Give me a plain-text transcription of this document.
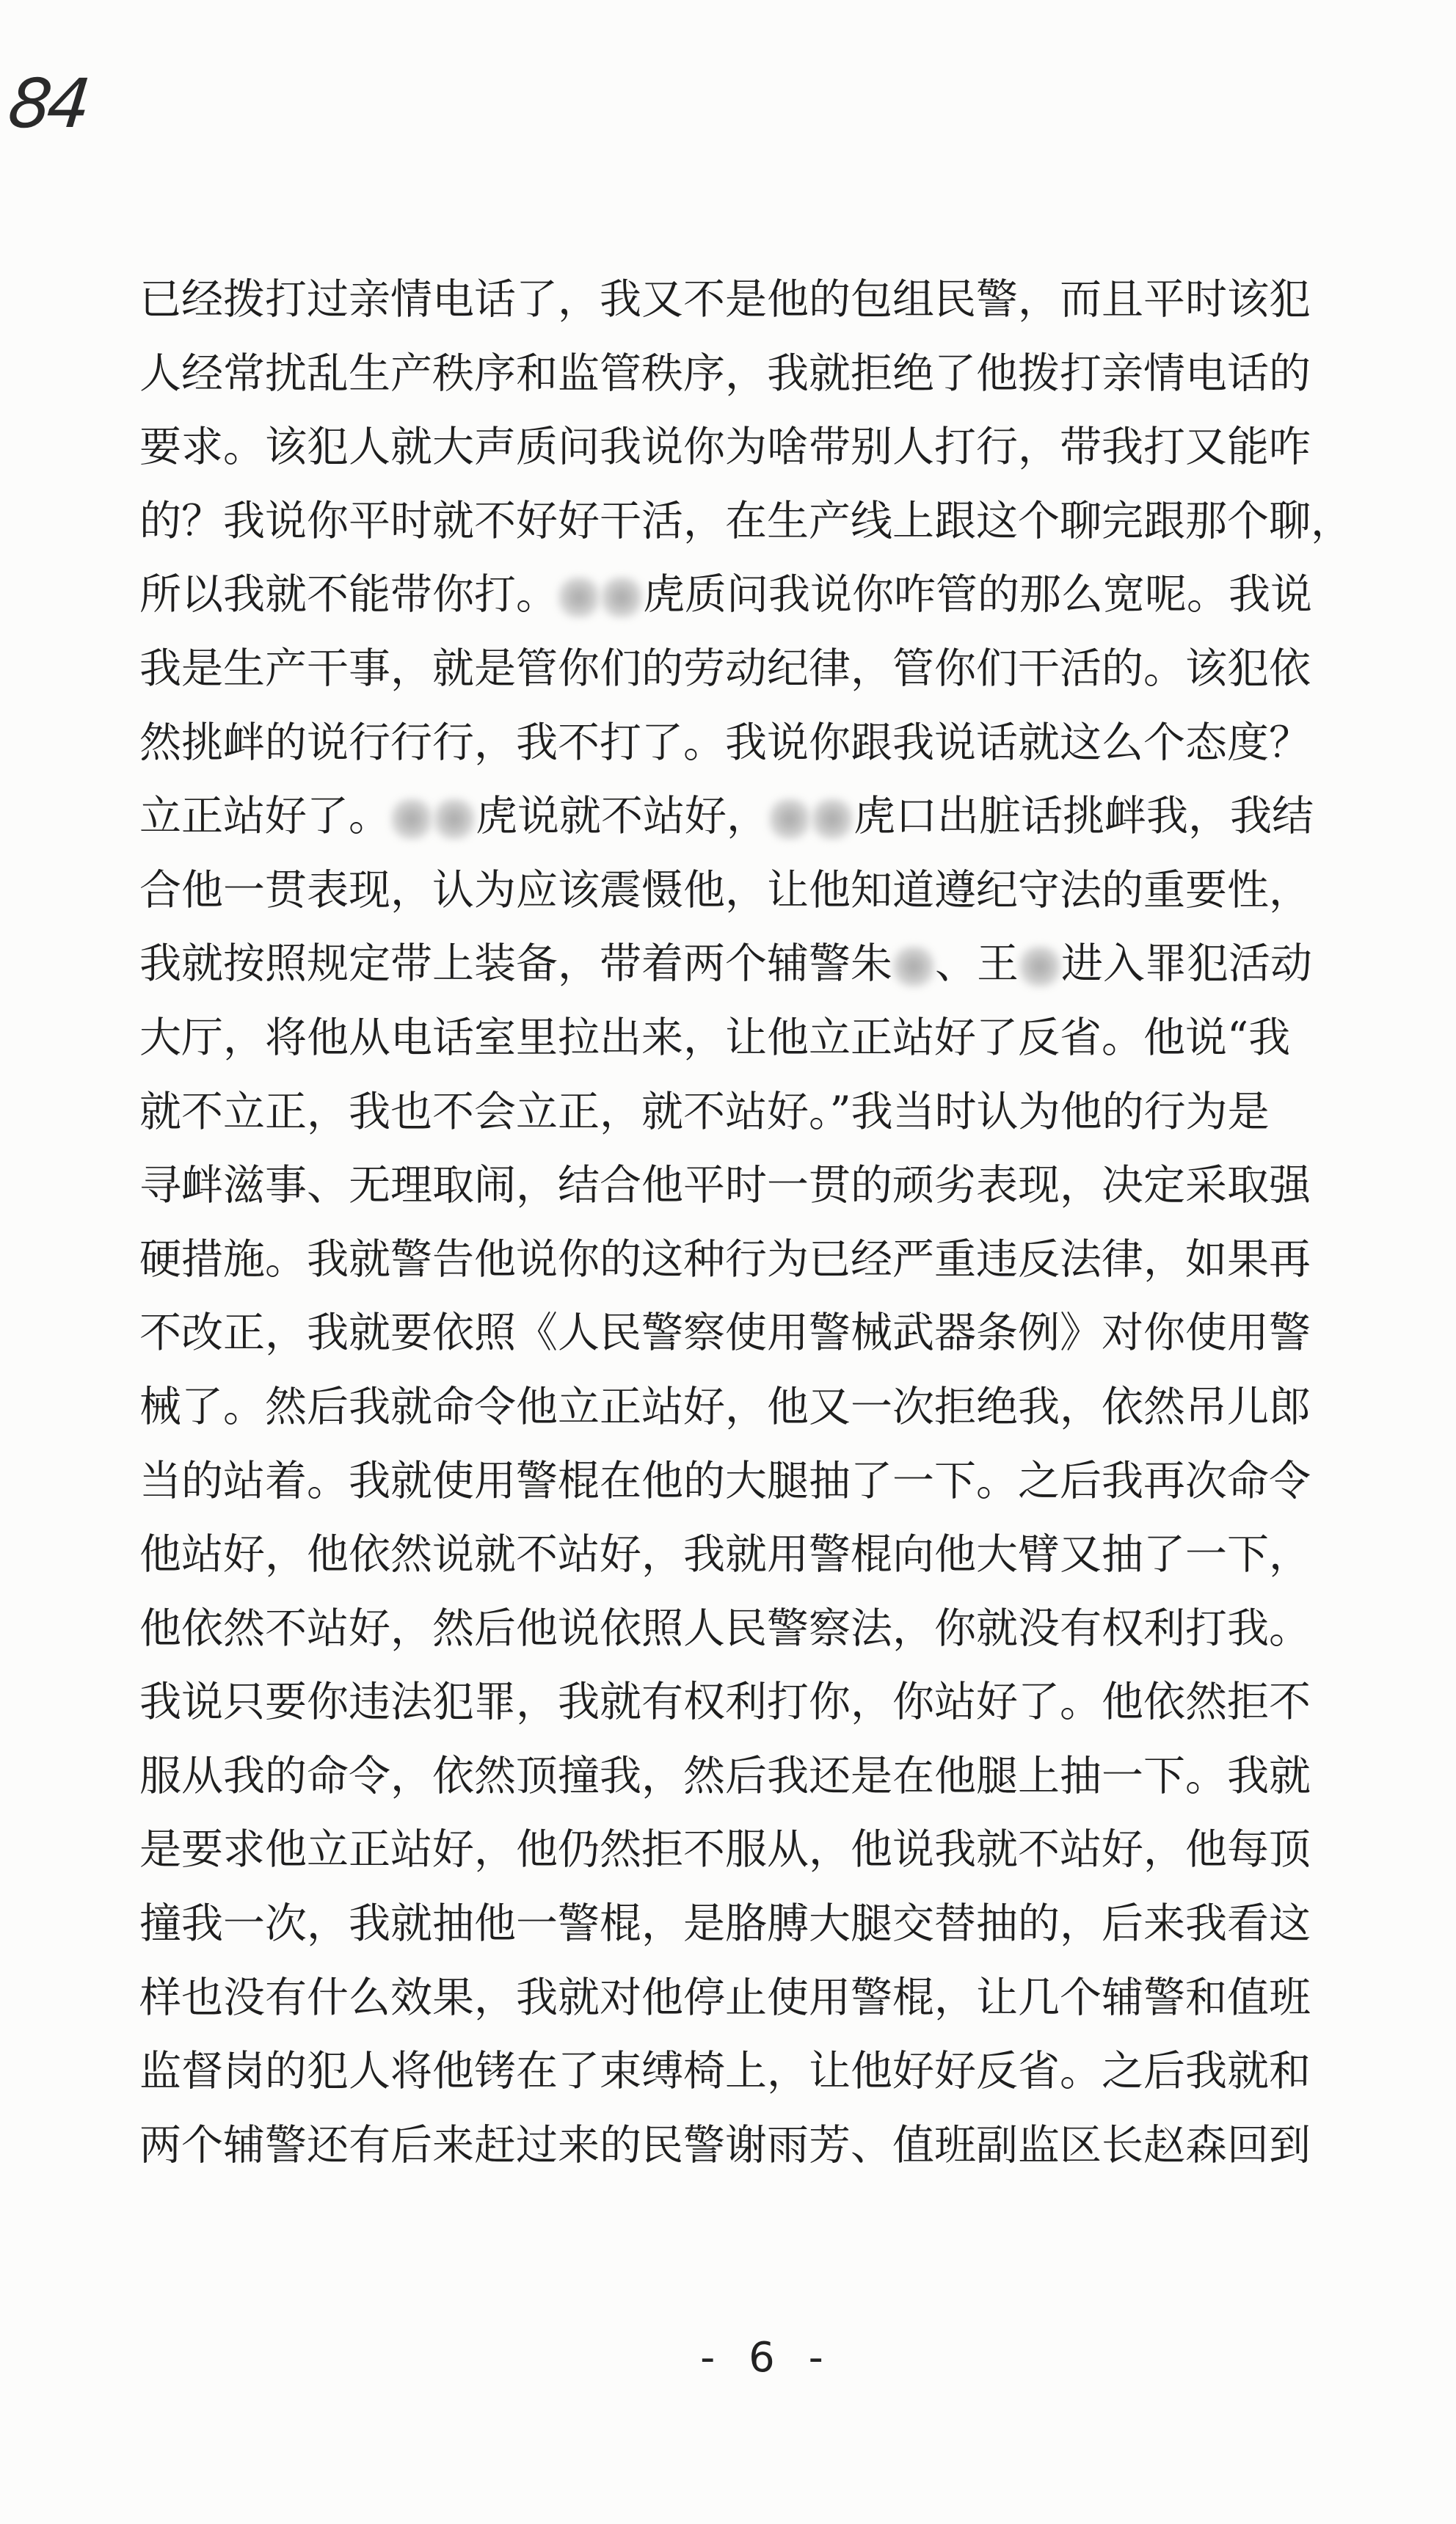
84
已经拨打过亲情电话了，我又不是他的包组民警，而且平时该犯
人经常扰乱生产秩序和监管秩序，我就拒绝了他拨打亲情电话的
要求。该犯人就大声质问我说你为啥带别人打行，带我打又能咋
的？我说你平时就不好好干活，在生产线上跟这个聊完跟那个聊，
所以我就不能带你打。 虎质问我说你咋管的那么宽呢。我说
我是生产干事，就是管你们的劳动纪律，管你们干活的。该犯依
然挑衅的说行行行，我不打了。我说你跟我说话就这么个态度？
立正站好了。 虎说就不站好， 虎口出脏话挑衅我，我结
合他一贯表现，认为应该震慑他，让他知道遵纪守法的重要性，
我就按照规定带上装备，带着两个辅警朱 、王 进入罪犯活动
大厅，将他从电话室里拉出来，让他立正站好了反省。他说“我
就不立正，我也不会立正，就不站好。”我当时认为他的行为是
寻衅滋事、无理取闹，结合他平时一贯的顽劣表现，决定采取强
硬措施。我就警告他说你的这种行为已经严重违反法律，如果再
不改正，我就要依照《人民警察使用警械武器条例》对你使用警
械了。然后我就命令他立正站好，他又一次拒绝我，依然吊儿郎
当的站着。我就使用警棍在他的大腿抽了一下。之后我再次命令
他站好，他依然说就不站好，我就用警棍向他大臂又抽了一下，
他依然不站好，然后他说依照人民警察法，你就没有权利打我。
我说只要你违法犯罪，我就有权利打你，你站好了。他依然拒不
服从我的命令，依然顶撞我，然后我还是在他腿上抽一下。我就
是要求他立正站好，他仍然拒不服从，他说我就不站好，他每顶
撞我一次，我就抽他一警棍，是胳膊大腿交替抽的，后来我看这
样也没有什么效果，我就对他停止使用警棍，让几个辅警和值班
监督岗的犯人将他铐在了束缚椅上，让他好好反省。之后我就和
两个辅警还有后来赶过来的民警谢雨芳、值班副监区长赵森回到
- 6 -
